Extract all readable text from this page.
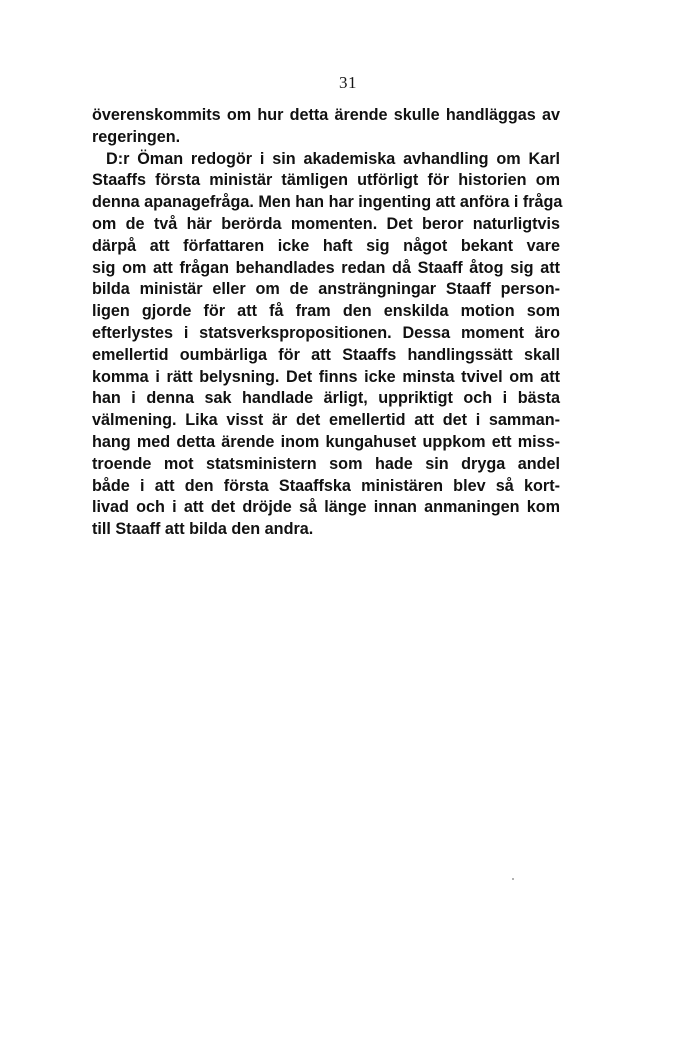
31
överenskommits om hur detta ärende skulle handläggas av
regeringen.
D:r Öman redogör i sin akademiska avhandling om Karl
Staaffs första ministär tämligen utförligt för historien om
denna apanagefråga. Men han har ingenting att anföra i fråga
om de två här berörda momenten. Det beror naturligtvis
därpå att författaren icke haft sig något bekant vare
sig om att frågan behandlades redan då Staaff åtog sig att
bilda ministär eller om de ansträngningar Staaff person-
ligen gjorde för att få fram den enskilda motion som
efterlystes i statsverkspropositionen. Dessa moment äro
emellertid oumbärliga för att Staaffs handlingssätt skall
komma i rätt belysning. Det finns icke minsta tvivel om att
han i denna sak handlade ärligt, uppriktigt och i bästa
välmening. Lika visst är det emellertid att det i samman-
hang med detta ärende inom kungahuset uppkom ett miss-
troende mot statsministern som hade sin dryga andel
både i att den första Staaffska ministären blev så kort-
livad och i att det dröjde så länge innan anmaningen kom
till Staaff att bilda den andra.
